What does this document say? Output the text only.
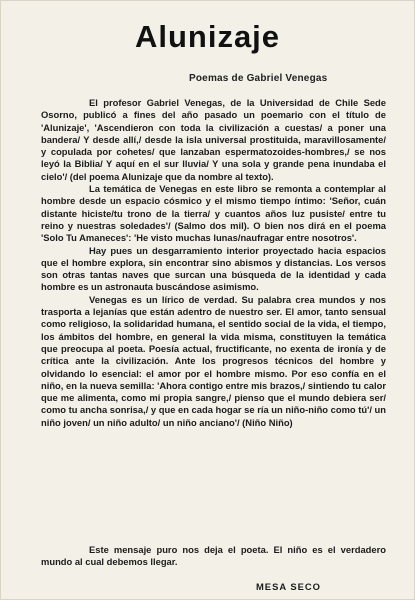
Alunizaje
Poemas de Gabriel Venegas

El profesor Gabriel Venegas, de la Universidad de Chile Sede Osorno, publicó a fines del año pasado un poemario con el título de 'Alunizaje', 'Ascendieron con toda la civilización a cuestas/ a poner una bandera/ Y desde allí,/ desde la isla universal prostituida, maravillosamente/ y copulada por cohetes/ que lanzaban espermatozoides-hombres,/ se nos leyó la Biblia/ Y aquí en el sur lluvia/ Y una sola y grande pena inundaba el cielo'/ (del poema Alunizaje que da nombre al texto).

La temática de Venegas en este libro se remonta a contemplar al hombre desde un espacio cósmico y el mismo tiempo íntimo: 'Señor, cuán distante hiciste/tu trono de la tierra/ y cuantos años luz pusiste/ entre tu reino y nuestras soledades'/ (Salmo dos mil). O bien nos dirá en el poema 'Solo Tu Amaneces': 'He visto muchas lunas/naufragar entre nosotros'.

Hay pues un desgarramiento interior proyectado hacia espacios que el hombre explora, sin encontrar sino abismos y distancias. Los versos son otras tantas naves que surcan una búsqueda de la identidad y cada hombre es un astronauta buscándose asimismo.

Venegas es un lírico de verdad. Su palabra crea mundos y nos trasporta a lejanías que están adentro de nuestro ser. El amor, tanto sensual como religioso, la solidaridad humana, el sentido social de la vida, el tiempo, los ámbitos del hombre, en general la vida misma, constituyen la temática que preocupa al poeta. Poesía actual, fructificante, no exenta de ironía y de crítica ante la civilización. Ante los progresos técnicos del hombre y olvidando lo esencial: el amor por el hombre mismo. Por eso confía en el niño, en la nueva semilla: 'Ahora contigo entre mis brazos,/ sintiendo tu calor que me alimenta, como mi propia sangre,/ pienso que el mundo debiera ser/ como tu ancha sonrisa,/ y que en cada hogar se ría un niño-niño como tú'/ un niño joven/ un niño adulto/ un niño anciano'/ (Niño Niño)

Este mensaje puro nos deja el poeta. El niño es el verdadero mundo al cual debemos llegar.

MESA SECO
